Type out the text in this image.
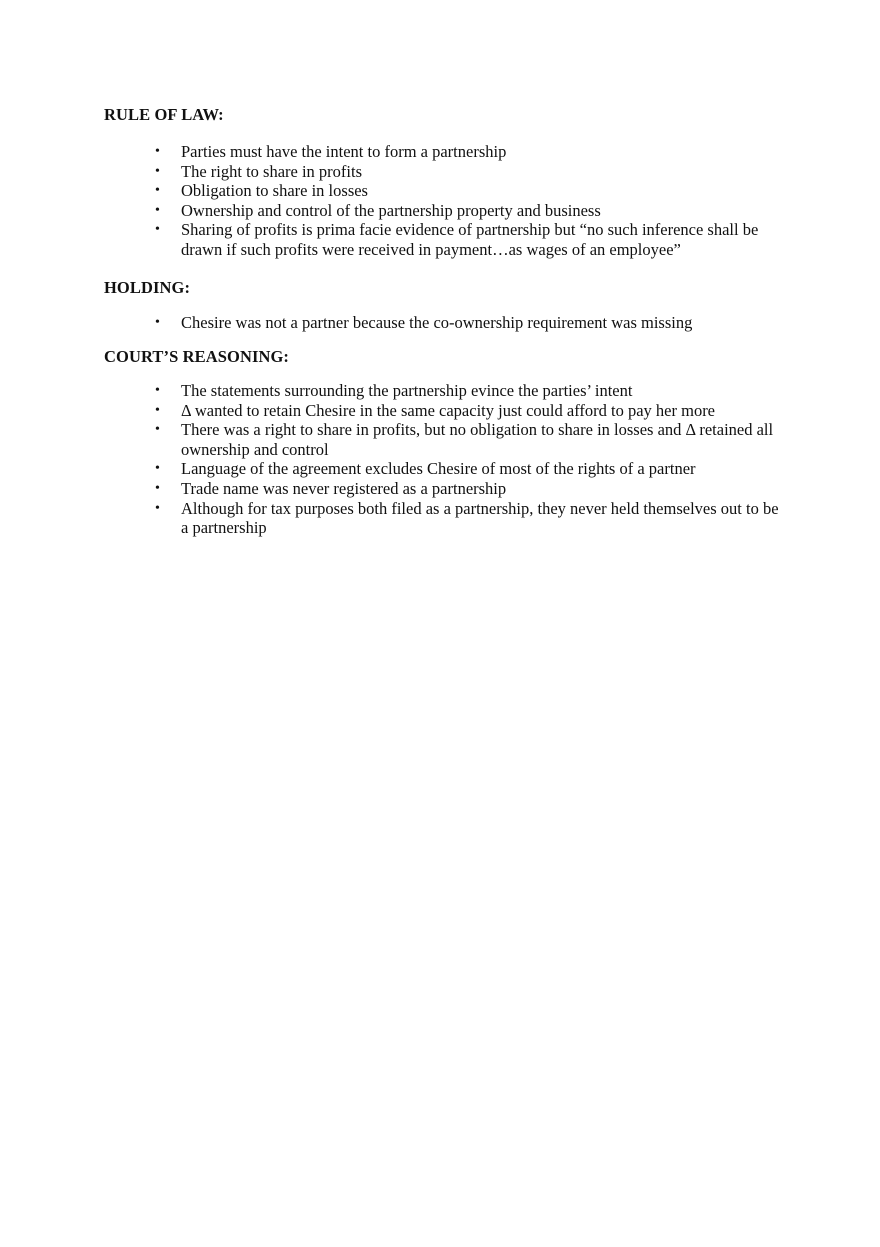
RULE OF LAW:
• Parties must have the intent to form a partnership
• The right to share in profits
• Obligation to share in losses
• Ownership and control of the partnership property and business
• Sharing of profits is prima facie evidence of partnership but “no such inference shall be drawn if such profits were received in payment…as wages of an employee”
HOLDING:
• Chesire was not a partner because the co-ownership requirement was missing
COURT’S REASONING:
• The statements surrounding the partnership evince the parties’ intent
• Δ wanted to retain Chesire in the same capacity just could afford to pay her more
• There was a right to share in profits, but no obligation to share in losses and Δ retained all ownership and control
• Language of the agreement excludes Chesire of most of the rights of a partner
• Trade name was never registered as a partnership
• Although for tax purposes both filed as a partnership, they never held themselves out to be a partnership
